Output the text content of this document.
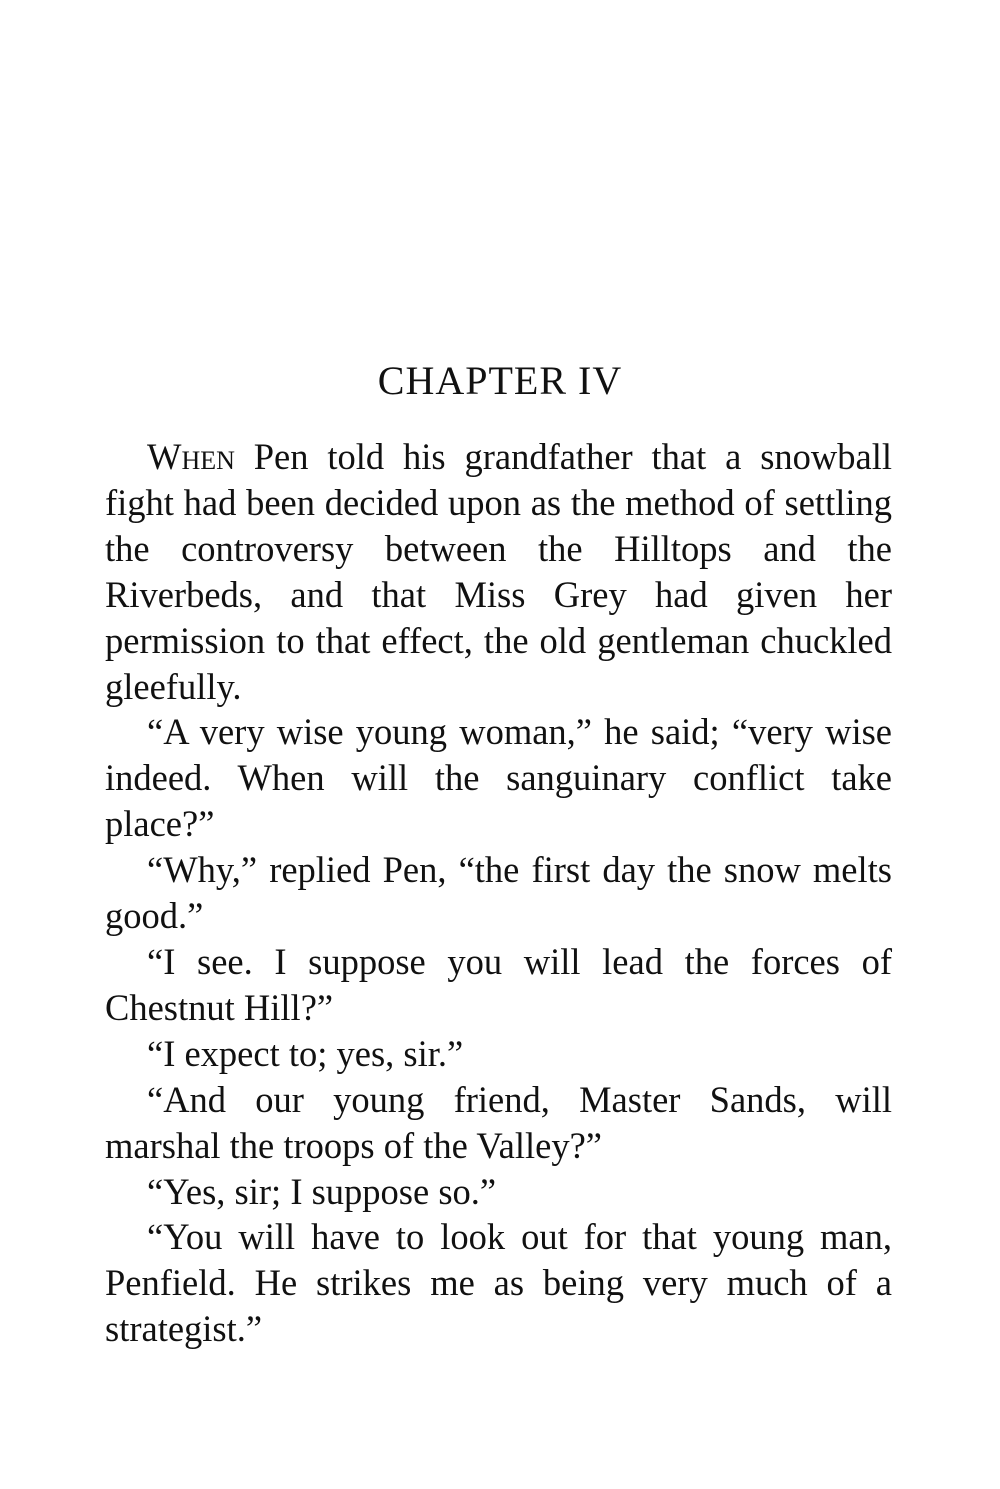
CHAPTER IV

When Pen told his grandfather that a snowball fight had been decided upon as the method of settling the controversy between the Hilltops and the Riverbeds, and that Miss Grey had given her permission to that effect, the old gentleman chuckled gleefully.

“A very wise young woman,” he said; “very wise indeed. When will the sanguinary conflict take place?”

“Why,” replied Pen, “the first day the snow melts good.”

“I see. I suppose you will lead the forces of Chestnut Hill?”

“I expect to; yes, sir.”

“And our young friend, Master Sands, will marshal the troops of the Valley?”

“Yes, sir; I suppose so.”

“You will have to look out for that young man, Penfield. He strikes me as being very much of a strategist.”
